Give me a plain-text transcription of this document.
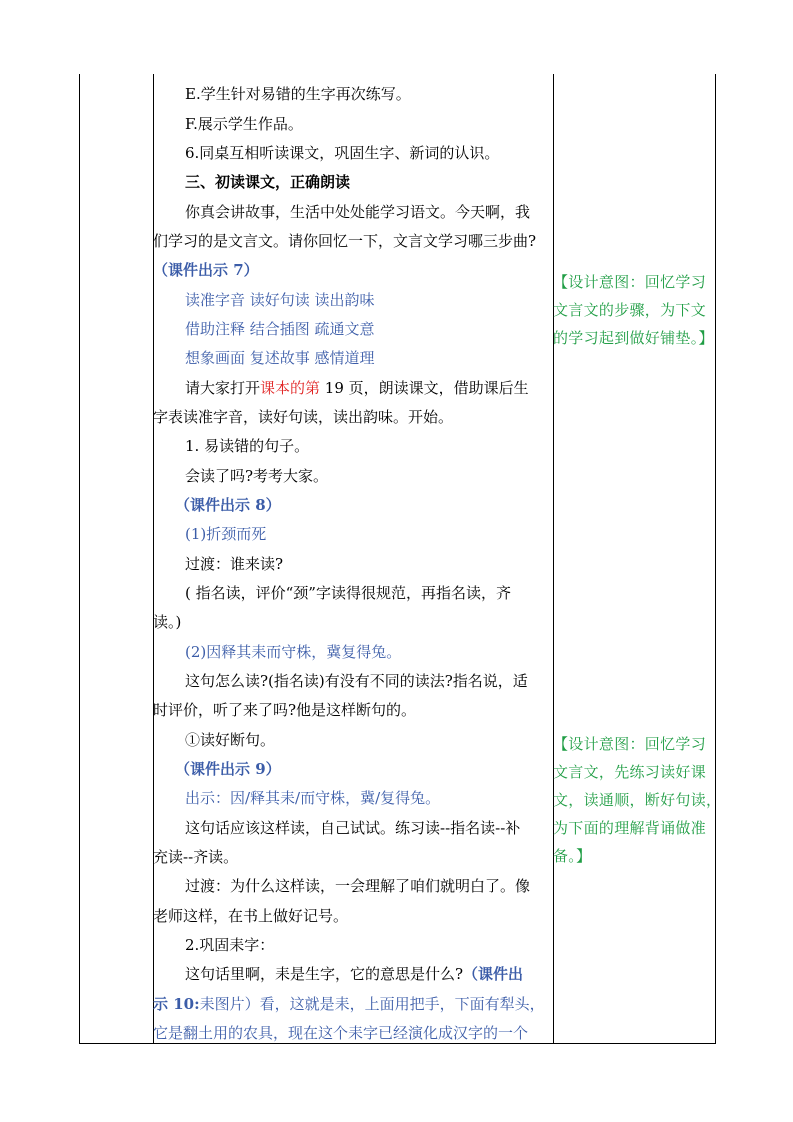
E.学生针对易错的生字再次练写。
F.展示学生作品。
6.同桌互相听读课文，巩固生字、新词的认识。
三、初读课文，正确朗读
你真会讲故事，生活中处处能学习语文。今天啊，我
们学习的是文言文。请你回忆一下，文言文学习哪三步曲?
（课件出示 7）
读准字音 读好句读 读出韵味
借助注释 结合插图 疏通文意
想象画面 复述故事 感情道理
请大家打开课本的第 19 页，朗读课文，借助课后生
字表读准字音，读好句读，读出韵味。开始。
1. 易读错的句子。
会读了吗?考考大家。
（课件出示 8）
(1)折颈而死
过渡：谁来读?
( 指名读，评价“颈”字读得很规范，再指名读，齐
读。)
(2)因释其耒而守株，冀复得兔。
这句怎么读?(指名读)有没有不同的读法?指名说，适
时评价，听了来了吗?他是这样断句的。
①读好断句。
（课件出示 9）
出示：因/释其耒/而守株，冀/复得兔。
这句话应该这样读，自己试试。练习读--指名读--补
充读--齐读。
过渡：为什么这样读，一会理解了咱们就明白了。像
老师这样，在书上做好记号。
2.巩固耒字：
这句话里啊，耒是生字，它的意思是什么?（课件出
示 10:耒图片）看，这就是耒，上面用把手，下面有犁头，
它是翻土用的农具，现在这个耒字已经演化成汉字的一个
【设计意图：回忆学习
文言文的步骤，为下文
的学习起到做好铺垫。】
【设计意图：回忆学习
文言文，先练习读好课
文，读通顺，断好句读，
为下面的理解背诵做准
备。】
